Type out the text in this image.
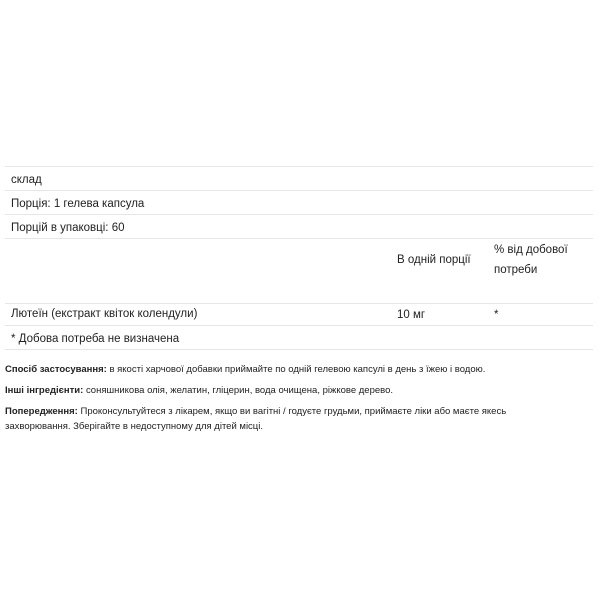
склад
Порція: 1 гелева капсула
Порцій в упаковці: 60
В одній порції
% від добової потреби
Лютеїн (екстракт квіток колендули)	10 мг	*
* Добова потреба не визначена
Спосіб застосування: в якості харчової добавки приймайте по одній гелевою капсулі в день з їжею і водою.
Інші інгредієнти: соняшникова олія, желатин, гліцерин, вода очищена, ріжкове дерево.
Попередження: Проконсультуйтеся з лікарем, якщо ви вагітні / годуєте грудьми, приймаєте ліки або маєте якесь захворювання. Зберігайте в недоступному для дітей місці.
